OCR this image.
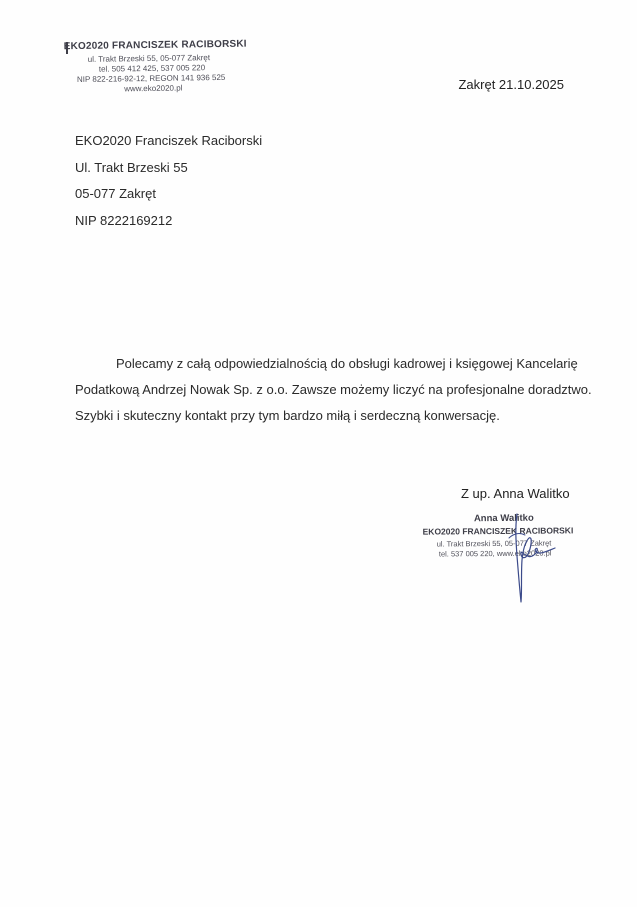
EKO2020 FRANCISZEK RACIBORSKI
ul. Trakt Brzeski 55, 05-077 Zakręt
tel. 505 412 425, 537 005 220
NIP 822-216-92-12, REGON 141 936 525
www.eko2020.pl	Zakręt 21.10.2025
EKO2020 Franciszek Raciborski
Ul. Trakt Brzeski 55
05-077 Zakręt
NIP 8222169212
Polecamy z całą odpowiedzialnością do obsługi kadrowej i księgowej Kancelarię
Podatkową Andrzej Nowak Sp. z o.o. Zawsze możemy liczyć na profesjonalne doradztwo.
Szybki i skuteczny kontakt przy tym bardzo miłą i serdeczną konwersację.
Z up. Anna Walitko
Anna Walitko
EKO2020 FRANCISZEK RACIBORSKI
ul. Trakt Brzeski 55, 05-077 Zakręt
tel. 537 005 220, www.eko2020.pl
